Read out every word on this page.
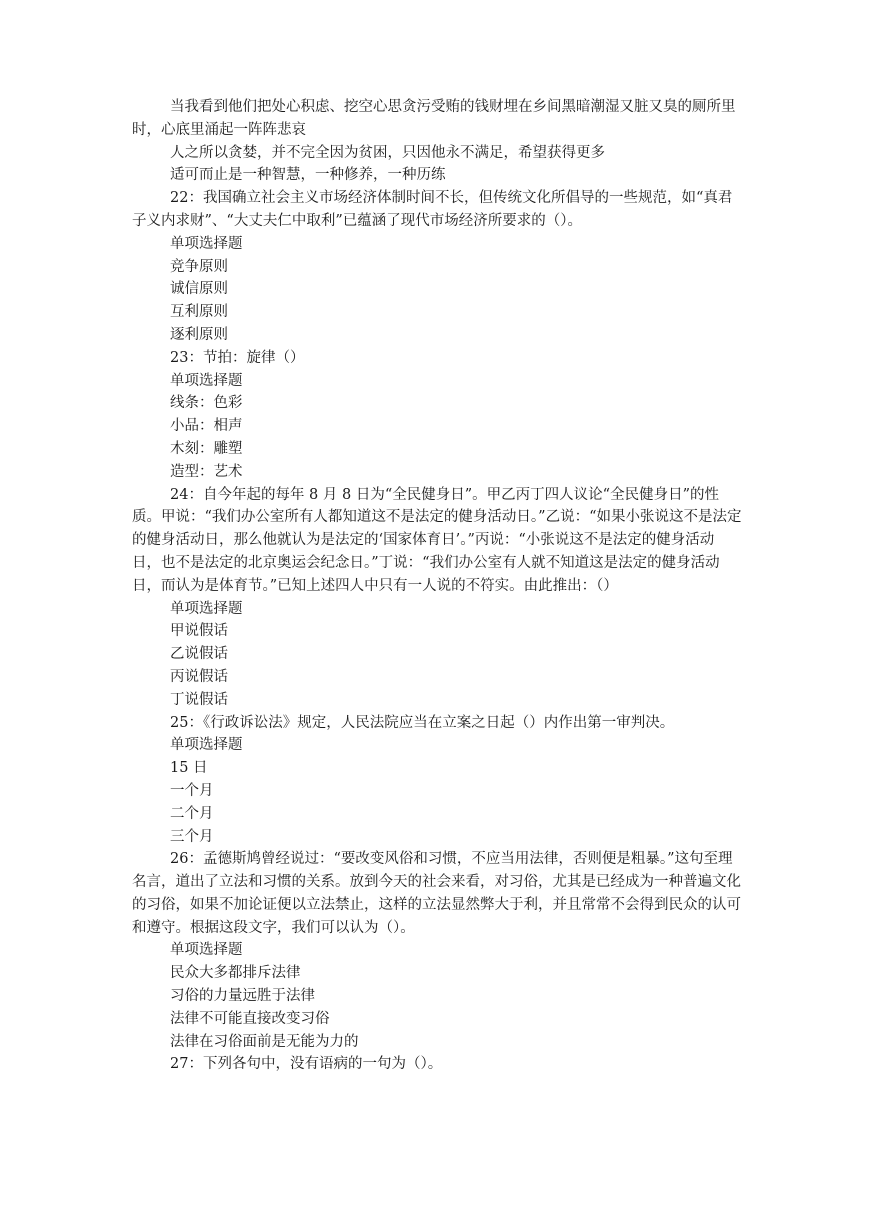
当我看到他们把处心积虑、挖空心思贪污受贿的钱财埋在乡间黑暗潮湿又脏又臭的厕所里时，心底里涌起一阵阵悲哀

人之所以贪婪，并不完全因为贫困，只因他永不满足，希望获得更多

适可而止是一种智慧，一种修养，一种历练

22：我国确立社会主义市场经济体制时间不长，但传统文化所倡导的一些规范，如“真君子义内求财”、“大丈夫仁中取利”已蕴涵了现代市场经济所要求的（）。

单项选择题

竞争原则

诚信原则

互利原则

逐利原则

23：节拍：旋律（）

单项选择题

线条：色彩

小品：相声

木刻：雕塑

造型：艺术

24：自今年起的每年 8 月 8 日为“全民健身日”。甲乙丙丁四人议论“全民健身日”的性质。甲说：“我们办公室所有人都知道这不是法定的健身活动日。”乙说：“如果小张说这不是法定的健身活动日，那么他就认为是法定的‘国家体育日’。”丙说：“小张说这不是法定的健身活动日，也不是法定的北京奥运会纪念日。”丁说：“我们办公室有人就不知道这是法定的健身活动日，而认为是体育节。”已知上述四人中只有一人说的不符实。由此推出：（）

单项选择题

甲说假话

乙说假话

丙说假话

丁说假话

25：《行政诉讼法》规定，人民法院应当在立案之日起（）内作出第一审判决。

单项选择题

15 日

一个月

二个月

三个月

26：孟德斯鸠曾经说过：“要改变风俗和习惯，不应当用法律，否则便是粗暴。”这句至理名言，道出了立法和习惯的关系。放到今天的社会来看，对习俗，尤其是已经成为一种普遍文化的习俗，如果不加论证便以立法禁止，这样的立法显然弊大于利，并且常常不会得到民众的认可和遵守。根据这段文字，我们可以认为（）。

单项选择题

民众大多都排斥法律

习俗的力量远胜于法律

法律不可能直接改变习俗

法律在习俗面前是无能为力的

27：下列各句中，没有语病的一句为（）。
